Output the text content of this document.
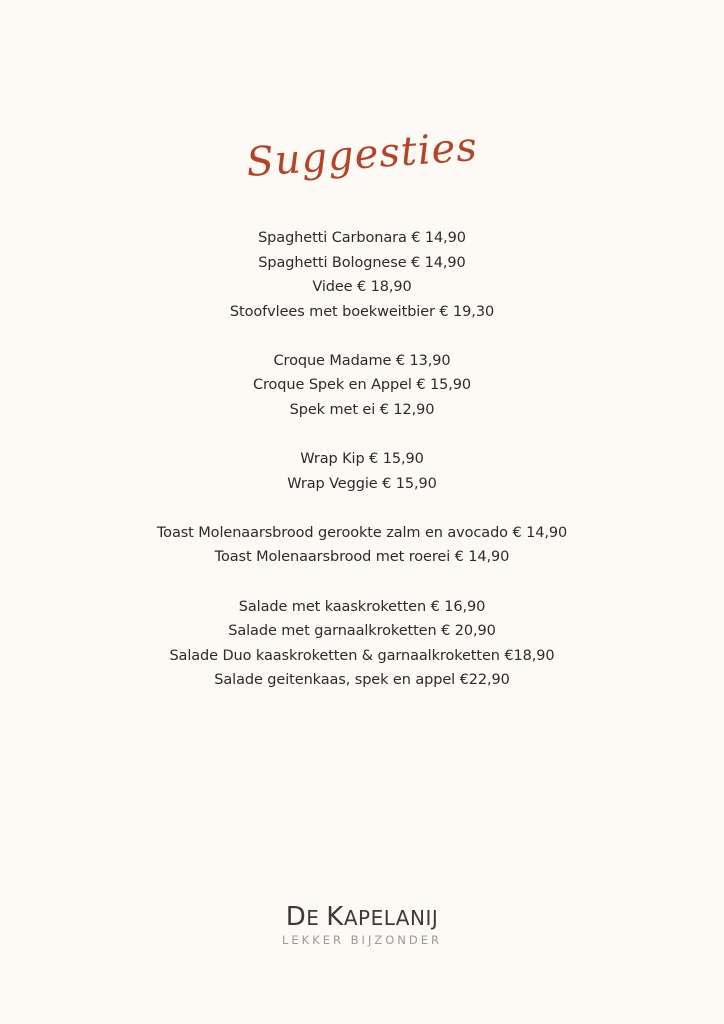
Suggesties
Spaghetti Carbonara € 14,90
Spaghetti Bolognese € 14,90
Videe € 18,90
Stoofvlees met boekweitbier € 19,30
Croque Madame € 13,90
Croque Spek en Appel € 15,90
Spek met ei € 12,90
Wrap Kip € 15,90
Wrap Veggie € 15,90
Toast Molenaarsbrood gerookte zalm en avocado € 14,90
Toast Molenaarsbrood met roerei € 14,90
Salade met kaaskroketten € 16,90
Salade met garnaalkroketten € 20,90
Salade Duo kaaskroketten & garnaalkroketten €18,90
Salade geitenkaas, spek en appel €22,90
DE KAPELANIJ
LEKKER BIJZONDER
